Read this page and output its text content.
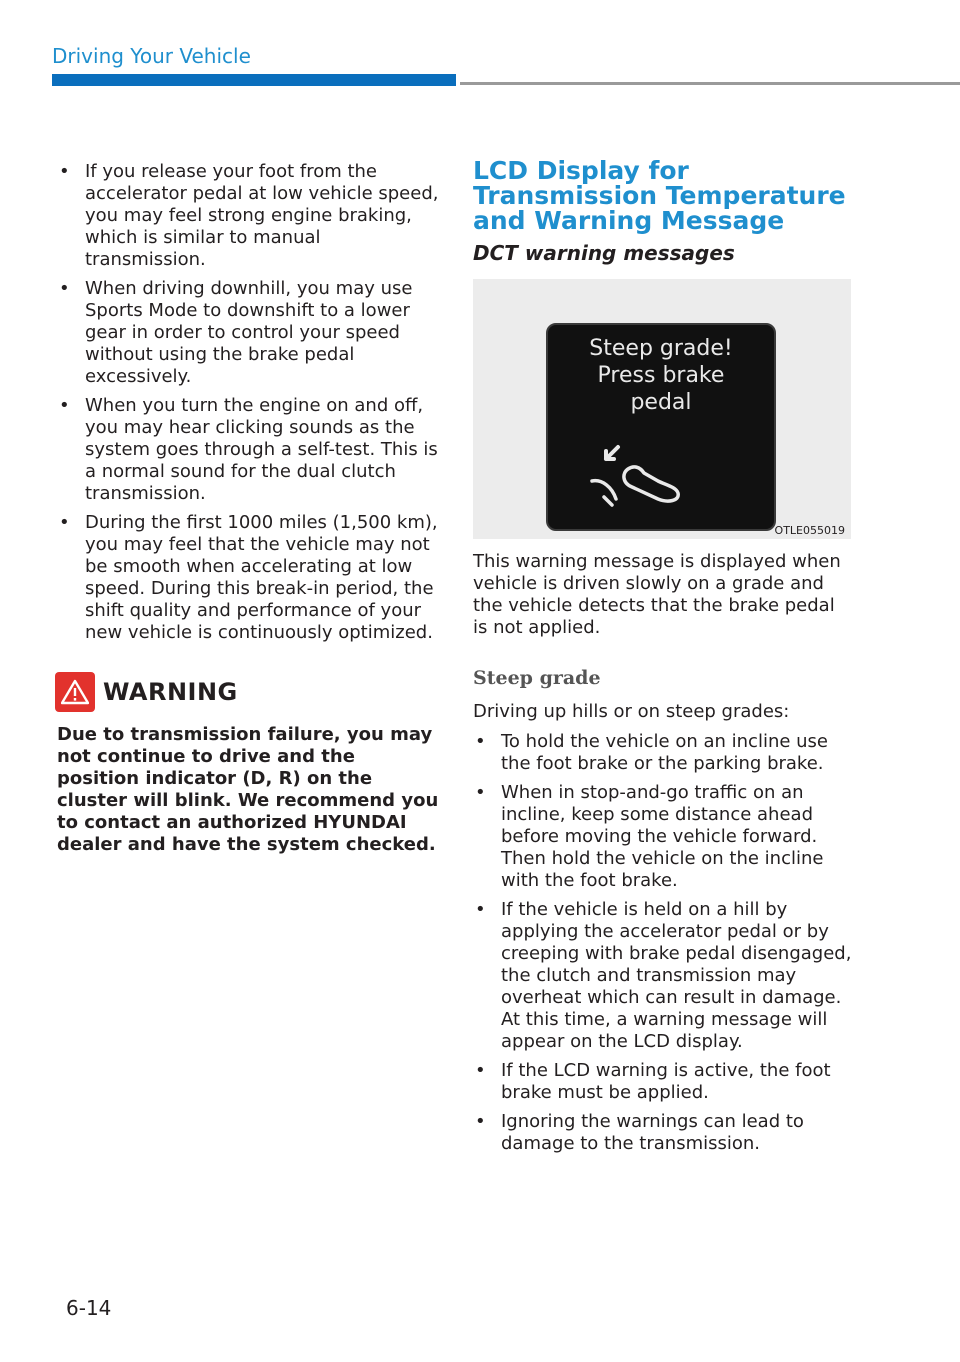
Driving Your Vehicle
• If you release your foot from the accelerator pedal at low vehicle speed, you may feel strong engine braking, which is similar to manual transmission.
• When driving downhill, you may use Sports Mode to downshift to a lower gear in order to control your speed without using the brake pedal excessively.
• When you turn the engine on and off, you may hear clicking sounds as the system goes through a self-test. This is a normal sound for the dual clutch transmission.
• During the first 1000 miles (1,500 km), you may feel that the vehicle may not be smooth when accelerating at low speed. During this break-in period, the shift quality and performance of your new vehicle is continuously optimized.
WARNING
Due to transmission failure, you may not continue to drive and the position indicator (D, R) on the cluster will blink. We recommend you to contact an authorized HYUNDAI dealer and have the system checked.
LCD Display for Transmission Temperature and Warning Message
DCT warning messages
Steep grade!
Press brake
pedal
OTLE055019
This warning message is displayed when vehicle is driven slowly on a grade and the vehicle detects that the brake pedal is not applied.
Steep grade
Driving up hills or on steep grades:
• To hold the vehicle on an incline use the foot brake or the parking brake.
• When in stop-and-go traffic on an incline, keep some distance ahead before moving the vehicle forward. Then hold the vehicle on the incline with the foot brake.
• If the vehicle is held on a hill by applying the accelerator pedal or by creeping with brake pedal disengaged, the clutch and transmission may overheat which can result in damage. At this time, a warning message will appear on the LCD display.
• If the LCD warning is active, the foot brake must be applied.
• Ignoring the warnings can lead to damage to the transmission.
6-14
